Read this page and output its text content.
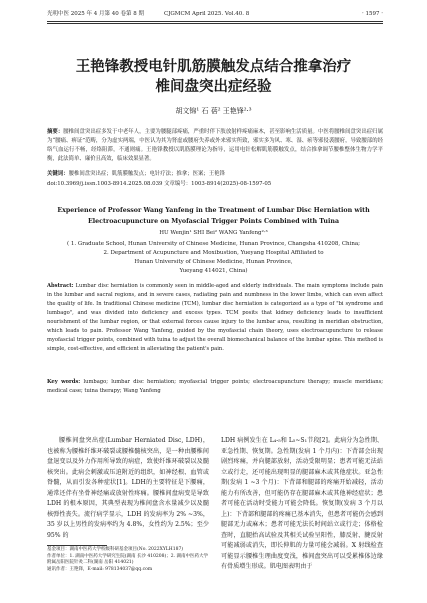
光明中医 2025 年 4 月第 40 卷第 8 期	CJGMCM April 2025. Vol.40. 8	· 1597 ·
王艳锋教授电针肌筋膜触发点结合推拿治疗
椎间盘突出症经验
胡文锦¹ 石 蓓² 王艳锋²·³
摘要：腰椎间盘突出症多发于中老年人，主要为腰腿部疼痛，严重时伴下肢放射样疼痛麻木，甚至影响生活质量。中医将腰椎间盘突出症归属为“腰痛、痹证”范畴，分为虚实两端，中医认为其为肾虚或腰府失养或外来邪实所致，邪实多为风、寒、湿、瘀等邪侵袭腰府，导致腰部的经络气血运行不畅，经络阻滞，不通则痛。王艳锋教授以肌筋膜理论为指导，运用电针松解肌筋膜触发点，结合推拿调节腰椎整体生物力学平衡，此法简单、廉价且高效，临床效果显著。
关键词：腰椎间盘突出症；肌筋膜触发点；电针疗法；推拿；医案；王艳锋
doi:10.3969/j.issn.1003-8914.2025.08.039 文章编号：1003-8914(2025)-08-1597-05
Experience of Professor Wang Yanfeng in the Treatment of Lumbar Disc Herniation with
Electroacupuncture on Myofascial Trigger Points Combined with Tuina
HU Wenjin¹ SHI Bei² WANG Yanfeng²·³
( 1. Graduate School, Hunan University of Chinese Medicine, Hunan Province, Changsha 410208, China;
2. Department of Acupuncture and Moxibustion, Yueyang Hospital Affiliated to
Hunan University of Chinese Medicine, Hunan Province,
Yueyang 414021, China)
Abstract: Lumbar disc herniation is commonly seen in middle-aged and elderly individuals. The main symptoms include pain in the lumbar and sacral regions, and in severe cases, radiating pain and numbness in the lower limbs, which can even affect the quality of life. In traditional Chinese medicine (TCM), lumbar disc herniation is categorized as a type of "bi syndrome and lumbago", and was divided into deficiency and excess types. TCM posits that kidney deficiency leads to insufficient nourishment of the lumbar region, or that external forces cause injury to the lumbar area, resulting in meridian obstruction, which leads to pain. Professor Wang Yanfeng, guided by the myofascial chain theory, uses electroacupuncture to release myofascial trigger points, combined with tuina to adjust the overall biomechanical balance of the lumbar spine. This method is simple, cost-effective, and efficient in alleviating the patient's pain.
Key words: lumbago; lumbar disc herniation; myofascial trigger points; electroacupuncture therapy; muscle meridians; medical case; tuina therapy; Wang Yanfeng

腰椎间盘突出症(Lumbar Herniated Disc, LDH)，也被称为腰椎纤维环破裂或腰椎髓核突出，是一种由腰椎间盘退变以及外力作用所导致的病症，致使纤维环破裂以及髓核突出。此病会刺激或压迫附近的组织，如神经根、血管或脊髓，从而引发各种症状[1]。LDH的主要特征是下腰痛，通常还伴有坐骨神经痛或放射性疼痛。腰椎间盘病变是导致 LDH 的根本原因，其典型表现为椎间盘含水量减少以及髓核弹性丧失。流行病学显示，LDH 的发病率为 2% ~3%，35 岁以上男性的发病率约为 4.8%，女性约为 2.5%；至少 95% 的

LDH 病例发生在 L₄-₅和 L₅~S₁节段[2]。此病分为急性期、亚急性期、恢复期。急性期(发病 1 个月内)：下背部会出现剧烈疼痛，并向腿部放射，活动受限明显；患者可能无法站立或行走，还可能出现明显的腿部麻木或其他症状。亚急性期(发病 1 ~3 个月)：下背部和腿部的疼痛开始减轻，活动能力有所改善，但可能仍存在腿部麻木或其他神经症状；患者可能在活动时受能力可能会降低。恢复期(发病 3 个月以上)：下背部和腿部的疼痛已基本消失，但患者可能仍会感到腿部无力或麻木；患者可能无法长时间站立或行走；体格检查时，直腿抬高试验及其相关试验呈阳性，膝反射、腱反射可能减弱或消失，即长伸肌的力量可能会减弱。X 射线检查可能显示腰椎生理曲度变浅，椎间盘突出可以受累椎体边缘有骨质增生形成。肌电图表明由于

基金项目：湖南中医药大学校级科研基金项目(No. 2022XYLH187)
作者单位：1. 湖南中医药大学研究生院(湖南 长沙 410208)；2. 湖南中医药大学附属岳阳医院针灸二科(湖南 岳阳 414021)
通讯作者：王艳锋，E-mail: 978134037@qq.com
